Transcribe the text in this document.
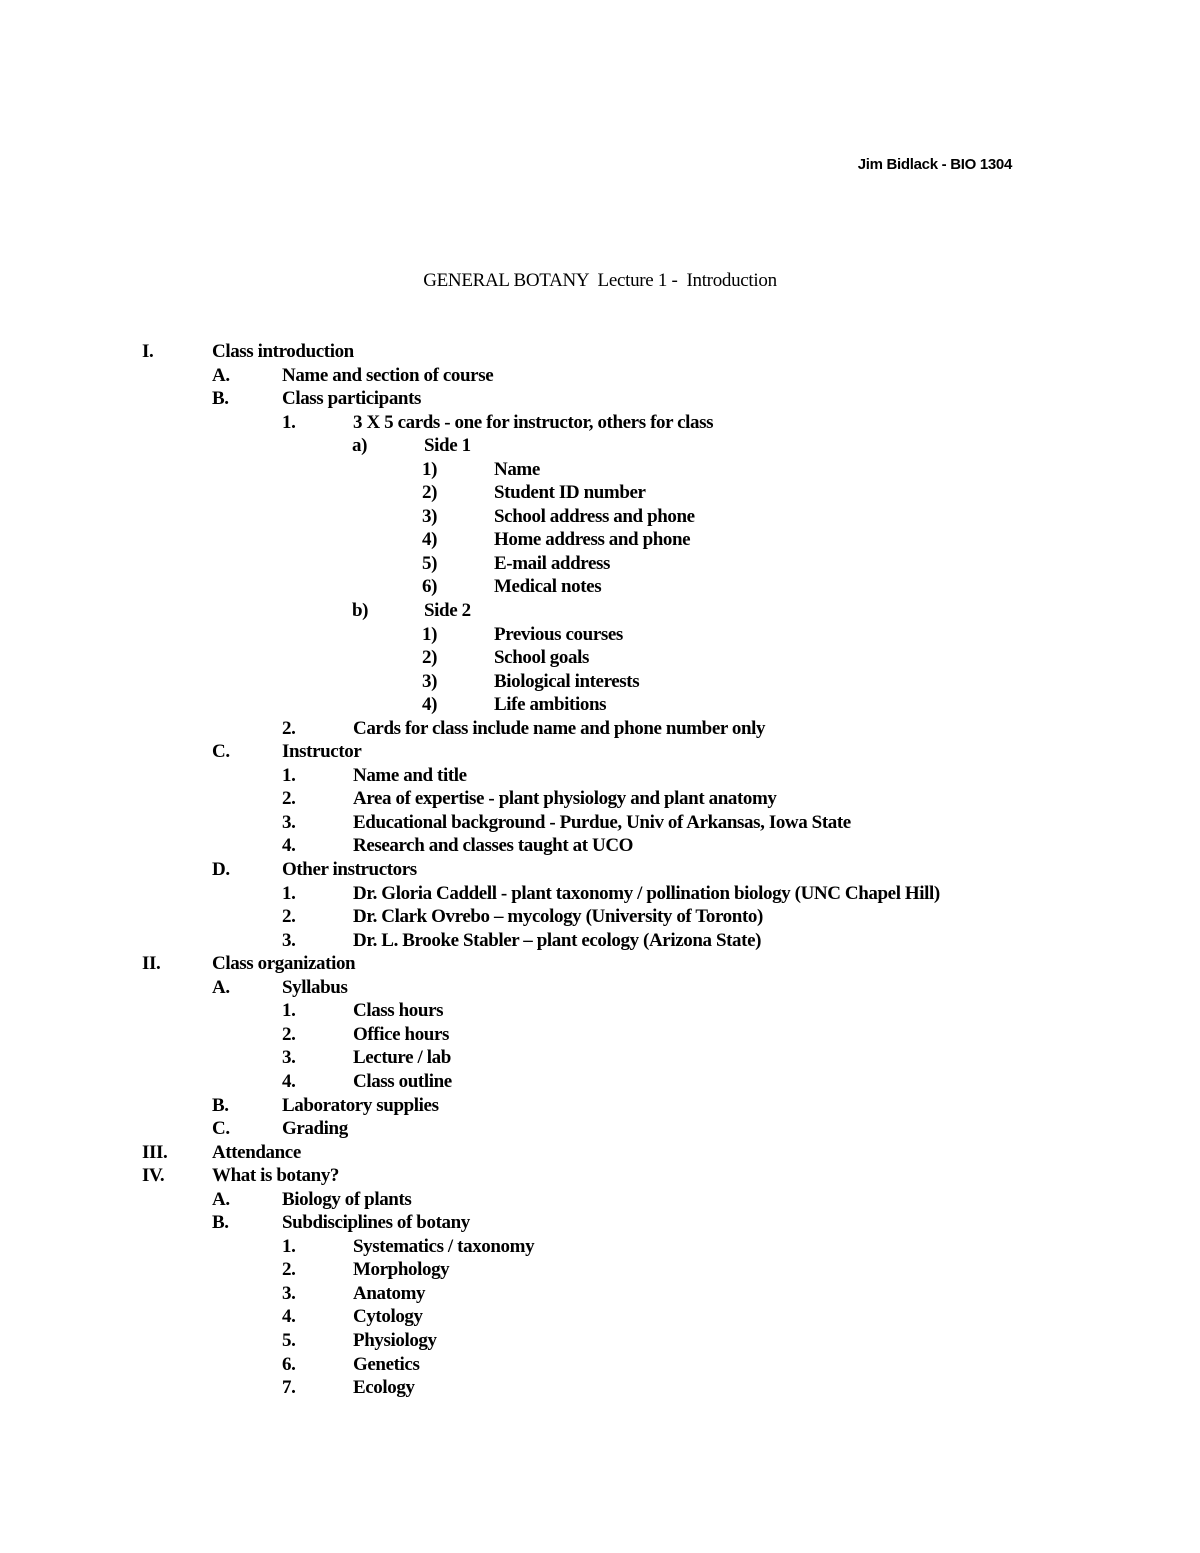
Jim Bidlack - BIO 1304
GENERAL BOTANY  Lecture 1 -  Introduction
I.	Class introduction
A.	Name and section of course
B.	Class participants
1.	3 X 5 cards - one for instructor, others for class
a)	Side 1
1)	Name
2)	Student ID number
3)	School address and phone
4)	Home address and phone
5)	E-mail address
6)	Medical notes
b)	Side 2
1)	Previous courses
2)	School goals
3)	Biological interests
4)	Life ambitions
2.	Cards for class include name and phone number only
C.	Instructor
1.	Name and title
2.	Area of expertise - plant physiology and plant anatomy
3.	Educational background - Purdue, Univ of Arkansas, Iowa State
4.	Research and classes taught at UCO
D.	Other instructors
1.	Dr. Gloria Caddell - plant taxonomy / pollination biology (UNC Chapel Hill)
2.	Dr. Clark Ovrebo – mycology (University of Toronto)
3.	Dr. L. Brooke Stabler – plant ecology (Arizona State)
II.	Class organization
A.	Syllabus
1.	Class hours
2.	Office hours
3.	Lecture / lab
4.	Class outline
B.	Laboratory supplies
C.	Grading
III. Attendance
IV.	What is botany?
A.	Biology of plants
B.	Subdisciplines of botany
1.	Systematics / taxonomy
2.	Morphology
3.	Anatomy
4.	Cytology
5.	Physiology
6.	Genetics
7.	Ecology
